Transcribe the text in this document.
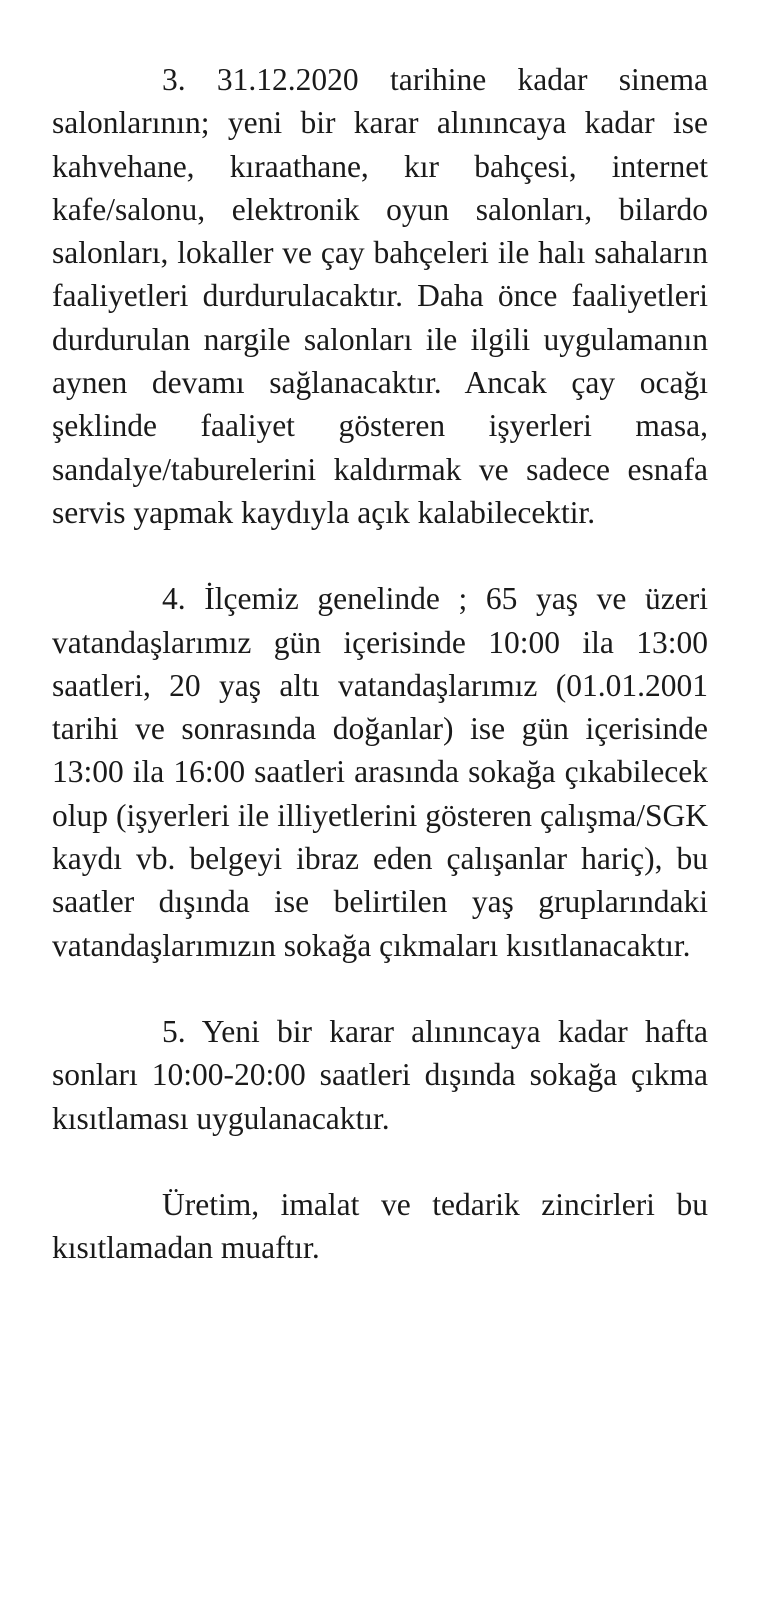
3. 31.12.2020 tarihine kadar sinema salonlarının; yeni bir karar alınıncaya kadar ise kahvehane, kıraathane, kır bahçesi, internet kafe/salonu, elektronik oyun salonları, bilardo salonları, lokaller ve çay bahçeleri ile halı sahaların faaliyetleri durdurulacaktır. Daha önce faaliyetleri durdurulan nargile salonları ile ilgili uygulamanın aynen devamı sağlanacaktır. Ancak çay ocağı şeklinde faaliyet gösteren işyerleri masa, sandalye/taburelerini kaldırmak ve sadece esnafa servis yapmak kaydıyla açık kalabilecektir.

4. İlçemiz genelinde ; 65 yaş ve üzeri vatandaşlarımız gün içerisinde 10:00 ila 13:00 saatleri, 20 yaş altı vatandaşlarımız (01.01.2001 tarihi ve sonrasında doğanlar) ise gün içerisinde 13:00 ila 16:00 saatleri arasında sokağa çıkabilecek olup (işyerleri ile illiyetlerini gösteren çalışma/SGK kaydı vb. belgeyi ibraz eden çalışanlar hariç), bu saatler dışında ise belirtilen yaş gruplarındaki vatandaşlarımızın sokağa çıkmaları kısıtlanacaktır.

5. Yeni bir karar alınıncaya kadar hafta sonları 10:00-20:00 saatleri dışında sokağa çıkma kısıtlaması uygulanacaktır.

Üretim, imalat ve tedarik zincirleri bu kısıtlamadan muaftır.
